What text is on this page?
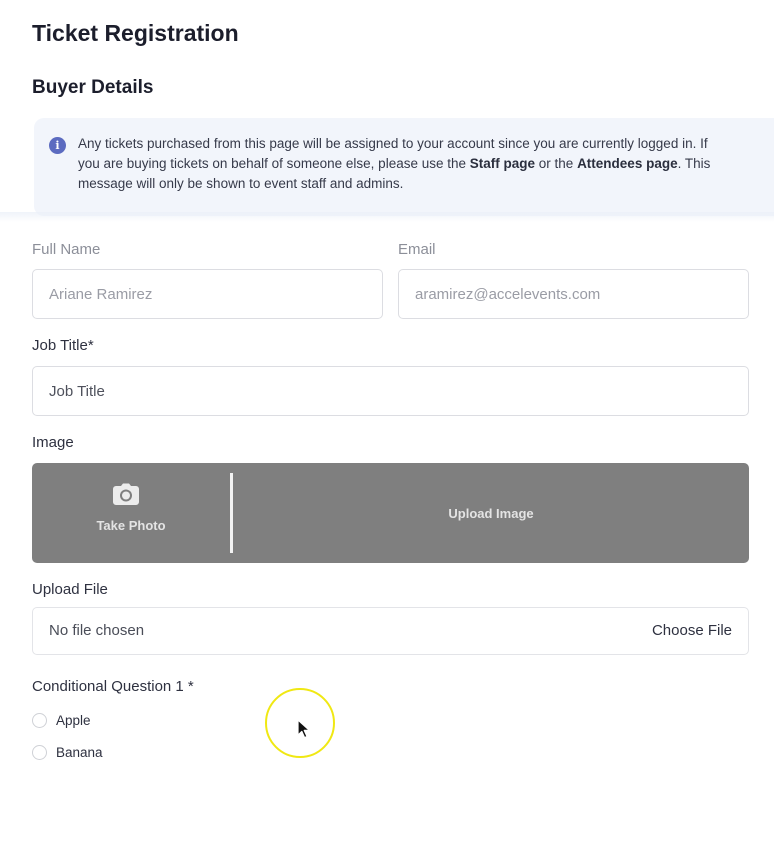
Ticket Registration
Buyer Details
i	Any tickets purchased from this page will be assigned to your account since you are currently logged in. If you are buying tickets on behalf of someone else, please use the Staff page or the Attendees page. This message will only be shown to event staff and admins.
Full Name
Ariane Ramirez
Email
aramirez@accelevents.com
Job Title*
Job Title
Image
Take Photo
Upload Image
Upload File
No file chosen	Choose File
Conditional Question 1 *
Apple
Banana
